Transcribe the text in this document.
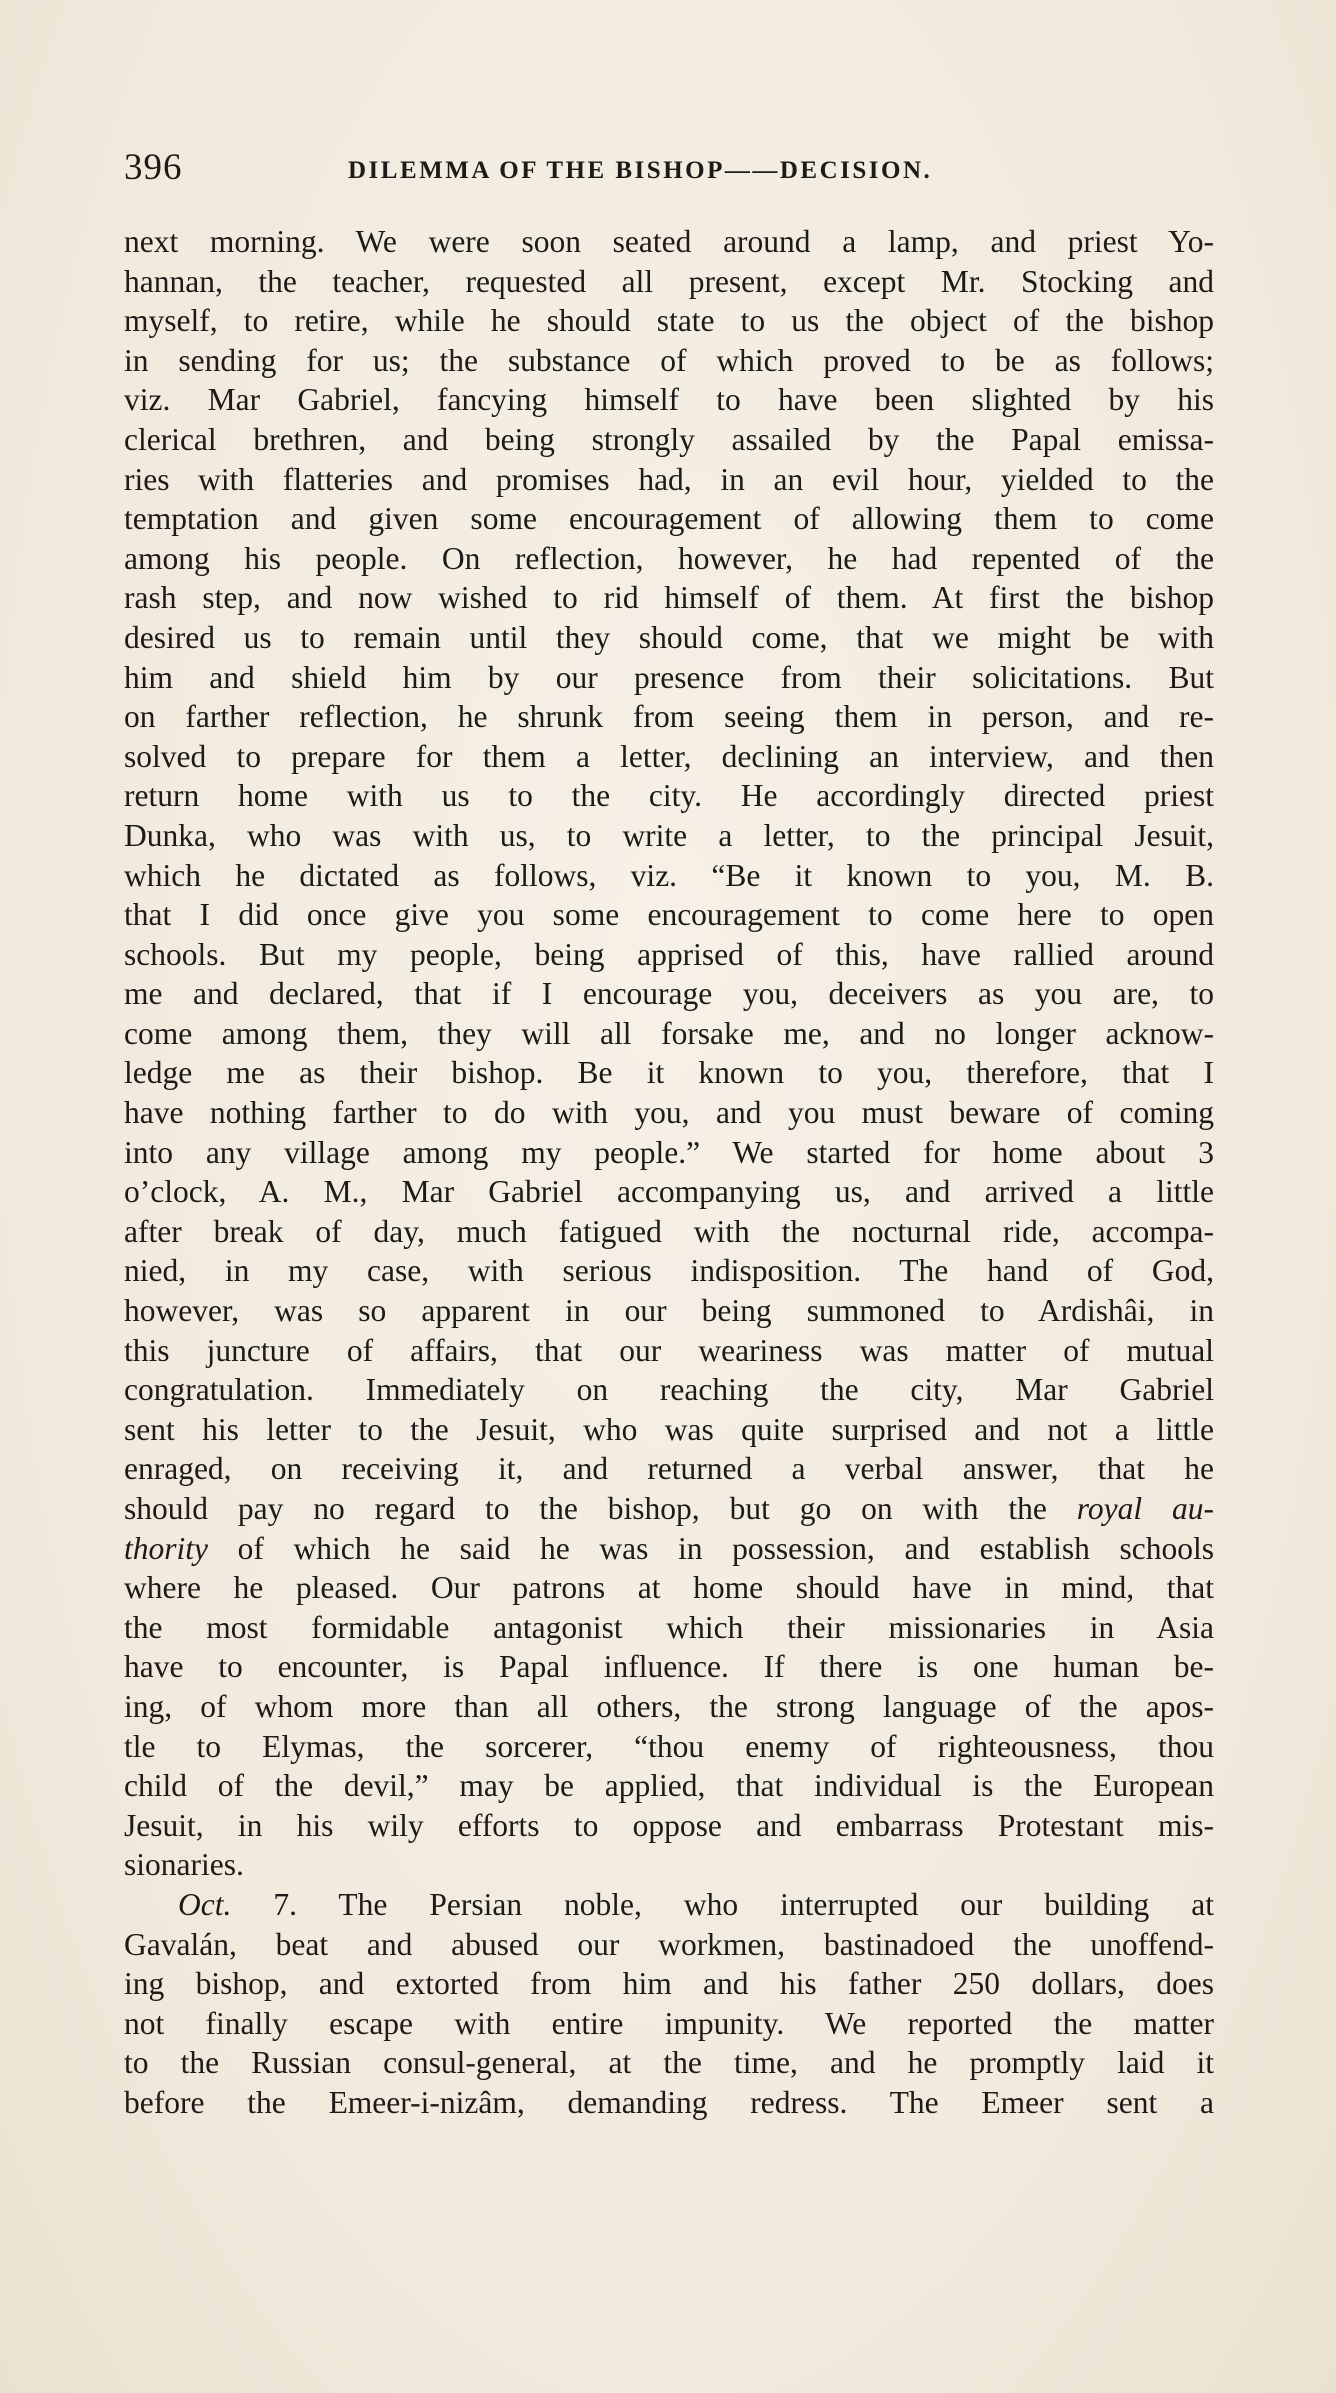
396	DILEMMA OF THE BISHOP——DECISION.
next morning. We were soon seated around a lamp, and priest Yo-
hannan, the teacher, requested all present, except Mr. Stocking and
myself, to retire, while he should state to us the object of the bishop
in sending for us; the substance of which proved to be as follows;
viz. Mar Gabriel, fancying himself to have been slighted by his
clerical brethren, and being strongly assailed by the Papal emissa-
ries with flatteries and promises had, in an evil hour, yielded to the
temptation and given some encouragement of allowing them to come
among his people. On reflection, however, he had repented of the
rash step, and now wished to rid himself of them. At first the bishop
desired us to remain until they should come, that we might be with
him and shield him by our presence from their solicitations. But
on farther reflection, he shrunk from seeing them in person, and re-
solved to prepare for them a letter, declining an interview, and then
return home with us to the city. He accordingly directed priest
Dunka, who was with us, to write a letter, to the principal Jesuit,
which he dictated as follows, viz. “Be it known to you, M. B.
that I did once give you some encouragement to come here to open
schools. But my people, being apprised of this, have rallied around
me and declared, that if I encourage you, deceivers as you are, to
come among them, they will all forsake me, and no longer acknow-
ledge me as their bishop. Be it known to you, therefore, that I
have nothing farther to do with you, and you must beware of coming
into any village among my people.” We started for home about 3
o’clock, A. M., Mar Gabriel accompanying us, and arrived a little
after break of day, much fatigued with the nocturnal ride, accompa-
nied, in my case, with serious indisposition. The hand of God,
however, was so apparent in our being summoned to Ardishâi, in
this juncture of affairs, that our weariness was matter of mutual
congratulation. Immediately on reaching the city, Mar Gabriel
sent his letter to the Jesuit, who was quite surprised and not a little
enraged, on receiving it, and returned a verbal answer, that he
should pay no regard to the bishop, but go on with the royal au-
thority of which he said he was in possession, and establish schools
where he pleased. Our patrons at home should have in mind, that
the most formidable antagonist which their missionaries in Asia
have to encounter, is Papal influence. If there is one human be-
ing, of whom more than all others, the strong language of the apos-
tle to Elymas, the sorcerer, “thou enemy of righteousness, thou
child of the devil,” may be applied, that individual is the European
Jesuit, in his wily efforts to oppose and embarrass Protestant mis-
sionaries.
Oct. 7. The Persian noble, who interrupted our building at
Gavalán, beat and abused our workmen, bastinadoed the unoffend-
ing bishop, and extorted from him and his father 250 dollars, does
not finally escape with entire impunity. We reported the matter
to the Russian consul-general, at the time, and he promptly laid it
before the Emeer-i-nizâm, demanding redress. The Emeer sent a
